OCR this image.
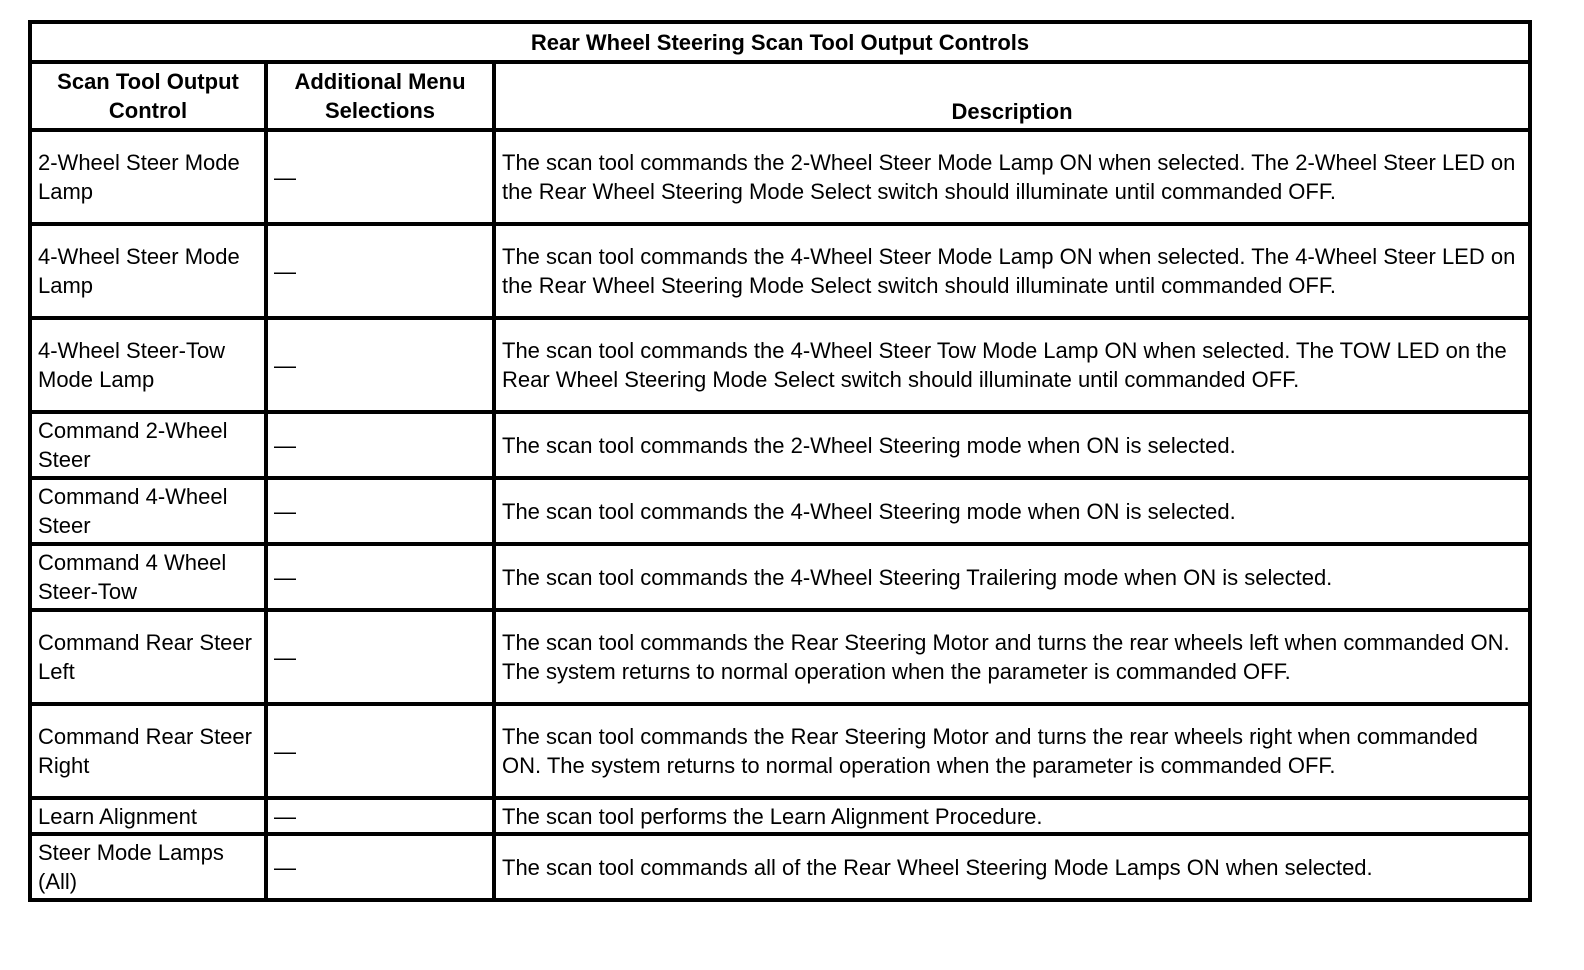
Rear Wheel Steering Scan Tool Output Controls		
Scan Tool Output Control	Additional Menu Selections	Description
2-Wheel Steer Mode Lamp	—	The scan tool commands the 2-Wheel Steer Mode Lamp ON when selected. The 2-Wheel Steer LED on the Rear Wheel Steering Mode Select switch should illuminate until commanded OFF.
4-Wheel Steer Mode Lamp	—	The scan tool commands the 4-Wheel Steer Mode Lamp ON when selected. The 4-Wheel Steer LED on the Rear Wheel Steering Mode Select switch should illuminate until commanded OFF.
4-Wheel Steer-Tow Mode Lamp	—	The scan tool commands the 4-Wheel Steer Tow Mode Lamp ON when selected. The TOW LED on the Rear Wheel Steering Mode Select switch should illuminate until commanded OFF.
Command 2-Wheel Steer	—	The scan tool commands the 2-Wheel Steering mode when ON is selected.
Command 4-Wheel Steer	—	The scan tool commands the 4-Wheel Steering mode when ON is selected.
Command 4 Wheel Steer-Tow	—	The scan tool commands the 4-Wheel Steering Trailering mode when ON is selected.
Command Rear Steer Left	—	The scan tool commands the Rear Steering Motor and turns the rear wheels left when commanded ON. The system returns to normal operation when the parameter is commanded OFF.
Command Rear Steer Right	—	The scan tool commands the Rear Steering Motor and turns the rear wheels right when commanded ON. The system returns to normal operation when the parameter is commanded OFF.
Learn Alignment	—	The scan tool performs the Learn Alignment Procedure.
Steer Mode Lamps (All)	—	The scan tool commands all of the Rear Wheel Steering Mode Lamps ON when selected.
